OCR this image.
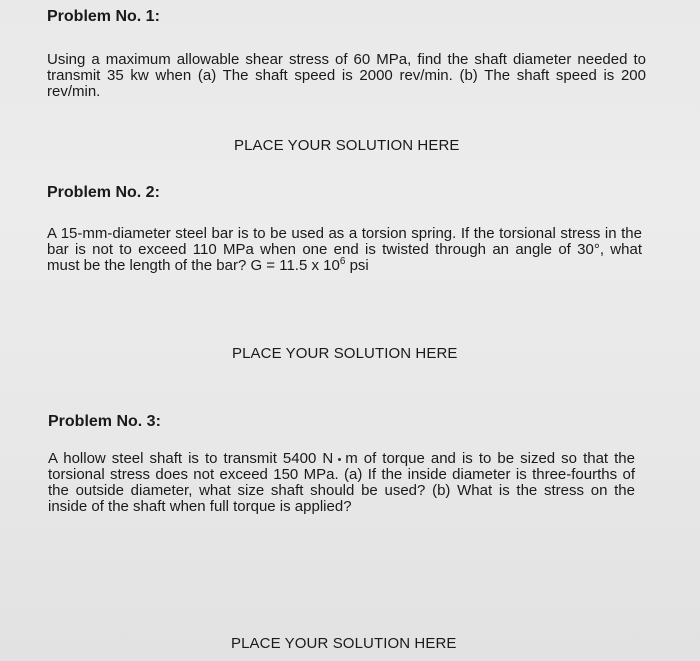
Problem No. 1:
Using a maximum allowable shear stress of 60 MPa, find the shaft diameter needed to transmit 35 kw when (a) The shaft speed is 2000 rev/min. (b) The shaft speed is 200 rev/min.
PLACE YOUR SOLUTION HERE
Problem No. 2:
A 15-mm-diameter steel bar is to be used as a torsion spring. If the torsional stress in the bar is not to exceed 110 MPa when one end is twisted through an angle of 30°, what must be the length of the bar? G = 11.5 x $10^6$ psi
PLACE YOUR SOLUTION HERE
Problem No. 3:
A hollow steel shaft is to transmit 5400 N m of torque and is to be sized so that the torsional stress does not exceed 150 MPa. (a) If the inside diameter is three-fourths of the outside diameter, what size shaft should be used? (b) What is the stress on the inside of the shaft when full torque is applied?
PLACE YOUR SOLUTION HERE
